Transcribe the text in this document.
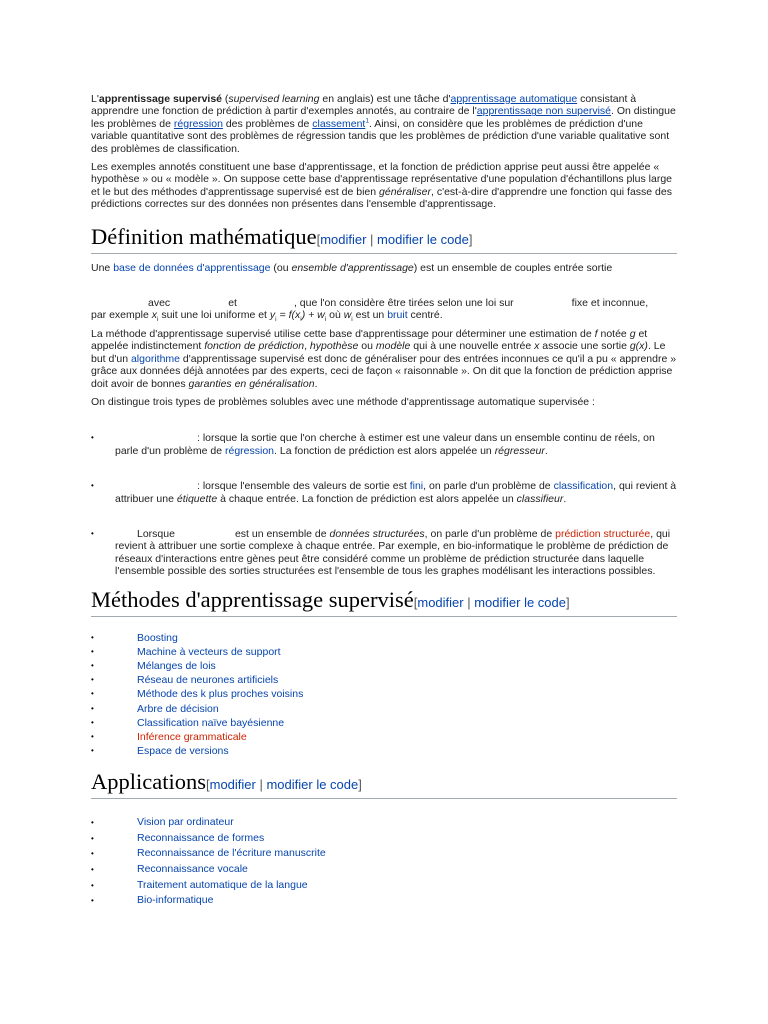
L'apprentissage supervisé (supervised learning en anglais) est une tâche d'apprentissage automatique consistant à apprendre une fonction de prédiction à partir d'exemples annotés, au contraire de l'apprentissage non supervisé. On distingue les problèmes de régression des problèmes de classement$^1$. Ainsi, on considère que les problèmes de prédiction d'une variable quantitative sont des problèmes de régression tandis que les problèmes de prédiction d'une variable qualitative sont des problèmes de classification.

Les exemples annotés constituent une base d'apprentissage, et la fonction de prédiction apprise peut aussi être appelée « hypothèse » ou « modèle ». On suppose cette base d'apprentissage représentative d'une population d'échantillons plus large et le but des méthodes d'apprentissage supervisé est de bien généraliser, c'est-à-dire d'apprendre une fonction qui fasse des prédictions correctes sur des données non présentes dans l'ensemble d'apprentissage.

Définition mathématique[modifier | modifier le code]

Une base de données d'apprentissage (ou ensemble d'apprentissage) est un ensemble de couples entrée sortie

avec	et	, que l'on considère être tirées selon une loi sur	fixe et inconnue,
par exemple $x_i$ suit une loi uniforme et $y_i = f(x_i) + w_i$ où $w_i$ est un bruit centré.

La méthode d'apprentissage supervisé utilise cette base d'apprentissage pour déterminer une estimation de f notée g et appelée indistinctement fonction de prédiction, hypothèse ou modèle qui à une nouvelle entrée x associe une sortie g(x). Le but d'un algorithme d'apprentissage supervisé est donc de généraliser pour des entrées inconnues ce qu'il a pu « apprendre » grâce aux données déjà annotées par des experts, ceci de façon « raisonnable ». On dit que la fonction de prédiction apprise doit avoir de bonnes garanties en généralisation.

On distingue trois types de problèmes solubles avec une méthode d'apprentissage automatique supervisée :

•	: lorsque la sortie que l'on cherche à estimer est une valeur dans un ensemble continu de réels, on parle d'un problème de régression. La fonction de prédiction est alors appelée un régresseur.
•	: lorsque l'ensemble des valeurs de sortie est fini, on parle d'un problème de classification, qui revient à attribuer une étiquette à chaque entrée. La fonction de prédiction est alors appelée un classifieur.
•	Lorsque	est un ensemble de données structurées, on parle d'un problème de prédiction structurée, qui revient à attribuer une sortie complexe à chaque entrée. Par exemple, en bio-informatique le problème de prédiction de réseaux d'interactions entre gènes peut être considéré comme un problème de prédiction structurée dans laquelle l'ensemble possible des sorties structurées est l'ensemble de tous les graphes modélisant les interactions possibles.
Méthodes d'apprentissage supervisé[modifier | modifier le code]
•	Boosting
•	Machine à vecteurs de support
•	Mélanges de lois
•	Réseau de neurones artificiels
•	Méthode des k plus proches voisins
•	Arbre de décision
•	Classification naïve bayésienne
•	Inférence grammaticale
•	Espace de versions
Applications[modifier | modifier le code]
•	Vision par ordinateur
•	Reconnaissance de formes
•	Reconnaissance de l'écriture manuscrite
•	Reconnaissance vocale
•	Traitement automatique de la langue
•	Bio-informatique
